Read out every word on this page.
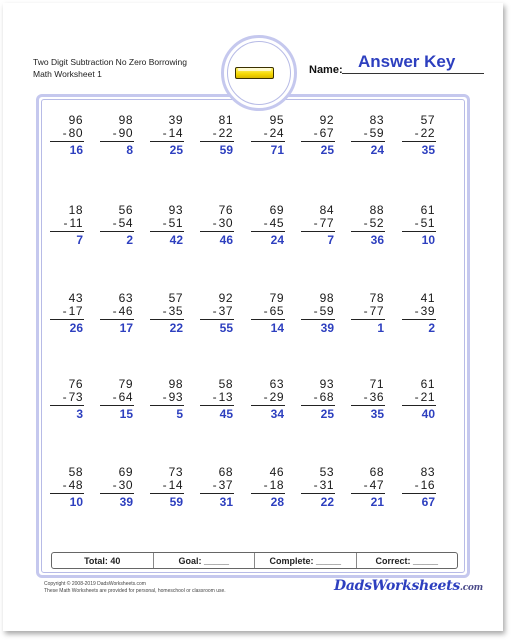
Two Digit Subtraction No Zero Borrowing
Math Worksheet 1	Name: Answer Key
96
- 80
16
98
- 90
8
39
- 14
25
81
- 22
59
95
- 24
71
92
- 67
25
83
- 59
24
57
- 22
35
18
- 11
7
56
- 54
2
93
- 51
42
76
- 30
46
69
- 45
24
84
- 77
7
88
- 52
36
61
- 51
10
43
- 17
26
63
- 46
17
57
- 35
22
92
- 37
55
79
- 65
14
98
- 59
39
78
- 77
1
41
- 39
2
76
- 73
3
79
- 64
15
98
- 93
5
58
- 13
45
63
- 29
34
93
- 68
25
71
- 36
35
61
- 21
40
58
- 48
10
69
- 30
39
73
- 14
59
68
- 37
31
46
- 18
28
53
- 31
22
68
- 47
21
83
- 16
67
Total: 40	Goal: _____	Complete: _____	Correct: _____
Copyright © 2008-2019 DadsWorksheets.com
These Math Worksheets are provided for personal, homeschool or classroom use.	DadsWorksheets.com
